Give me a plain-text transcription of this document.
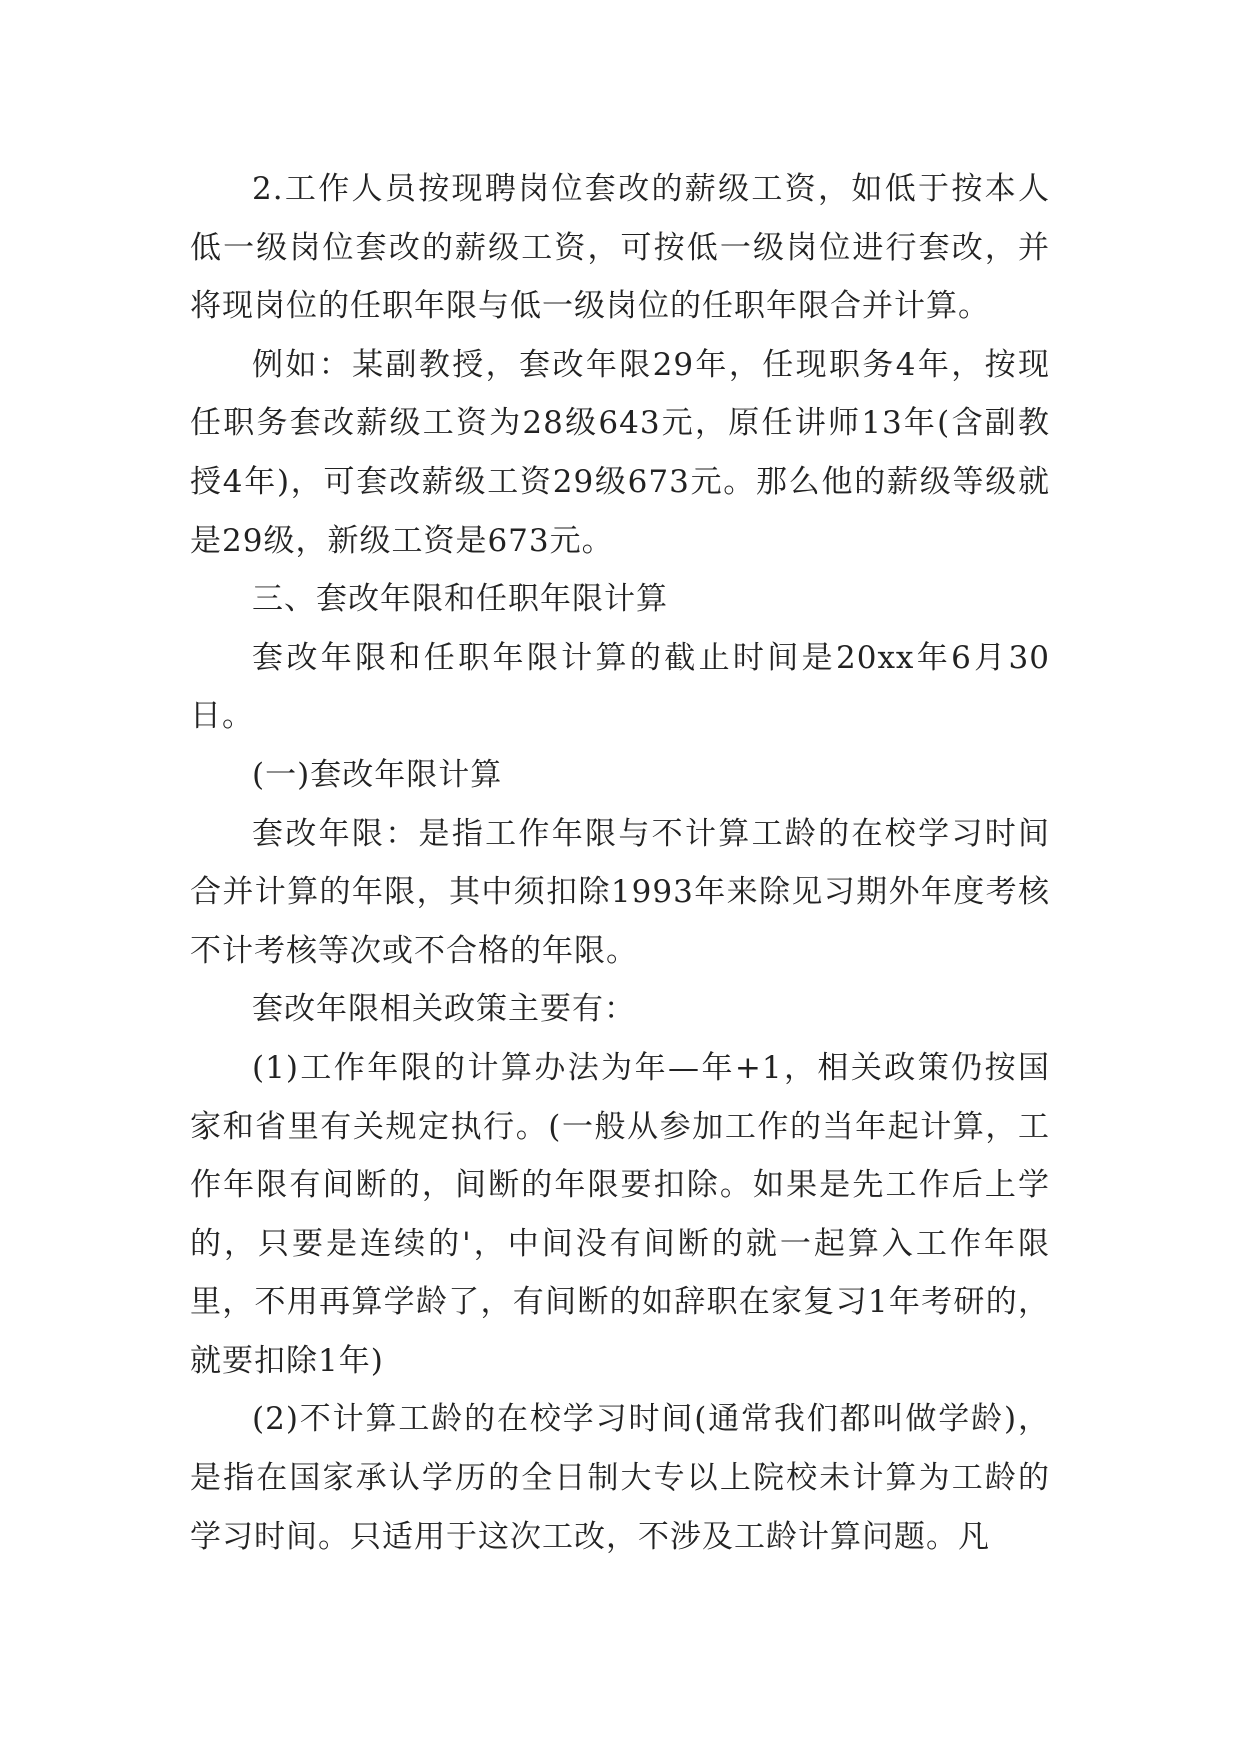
2.工作人员按现聘岗位套改的薪级工资，如低于按本人低一级岗位套改的薪级工资，可按低一级岗位进行套改，并将现岗位的任职年限与低一级岗位的任职年限合并计算。

例如：某副教授，套改年限29年，任现职务4年，按现任职务套改薪级工资为28级643元，原任讲师13年(含副教授4年)，可套改薪级工资29级673元。那么他的薪级等级就是29级，新级工资是673元。

三、套改年限和任职年限计算

套改年限和任职年限计算的截止时间是20xx年6月30日。

(一)套改年限计算

套改年限：是指工作年限与不计算工龄的在校学习时间合并计算的年限，其中须扣除1993年来除见习期外年度考核不计考核等次或不合格的年限。

套改年限相关政策主要有：

(1)工作年限的计算办法为年—年+1，相关政策仍按国家和省里有关规定执行。(一般从参加工作的当年起计算，工作年限有间断的，间断的年限要扣除。如果是先工作后上学的，只要是连续的'，中间没有间断的就一起算入工作年限里，不用再算学龄了，有间断的如辞职在家复习1年考研的，就要扣除1年)

(2)不计算工龄的在校学习时间(通常我们都叫做学龄)，是指在国家承认学历的全日制大专以上院校未计算为工龄的学习时间。只适用于这次工改，不涉及工龄计算问题。凡
